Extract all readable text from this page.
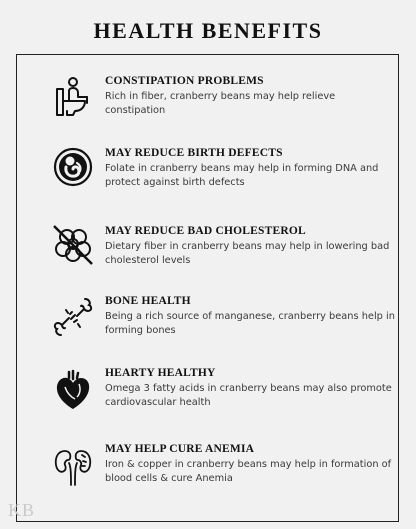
HEALTH BENEFITS
CONSTIPATION PROBLEMS

Rich in fiber, cranberry beans may help relieve constipation

MAY REDUCE BIRTH DEFECTS

Folate in cranberry beans may help in forming DNA and protect against birth defects

MAY REDUCE BAD CHOLESTEROL

Dietary fiber in cranberry beans may help in lowering bad cholesterol levels

BONE HEALTH

Being a rich source of manganese, cranberry beans help in forming bones

HEARTY HEALTHY

Omega 3 fatty acids in cranberry beans may also promote cardiovascular health

MAY HELP CURE ANEMIA

Iron & copper in cranberry beans may help in formation of blood cells & cure Anemia

KB
